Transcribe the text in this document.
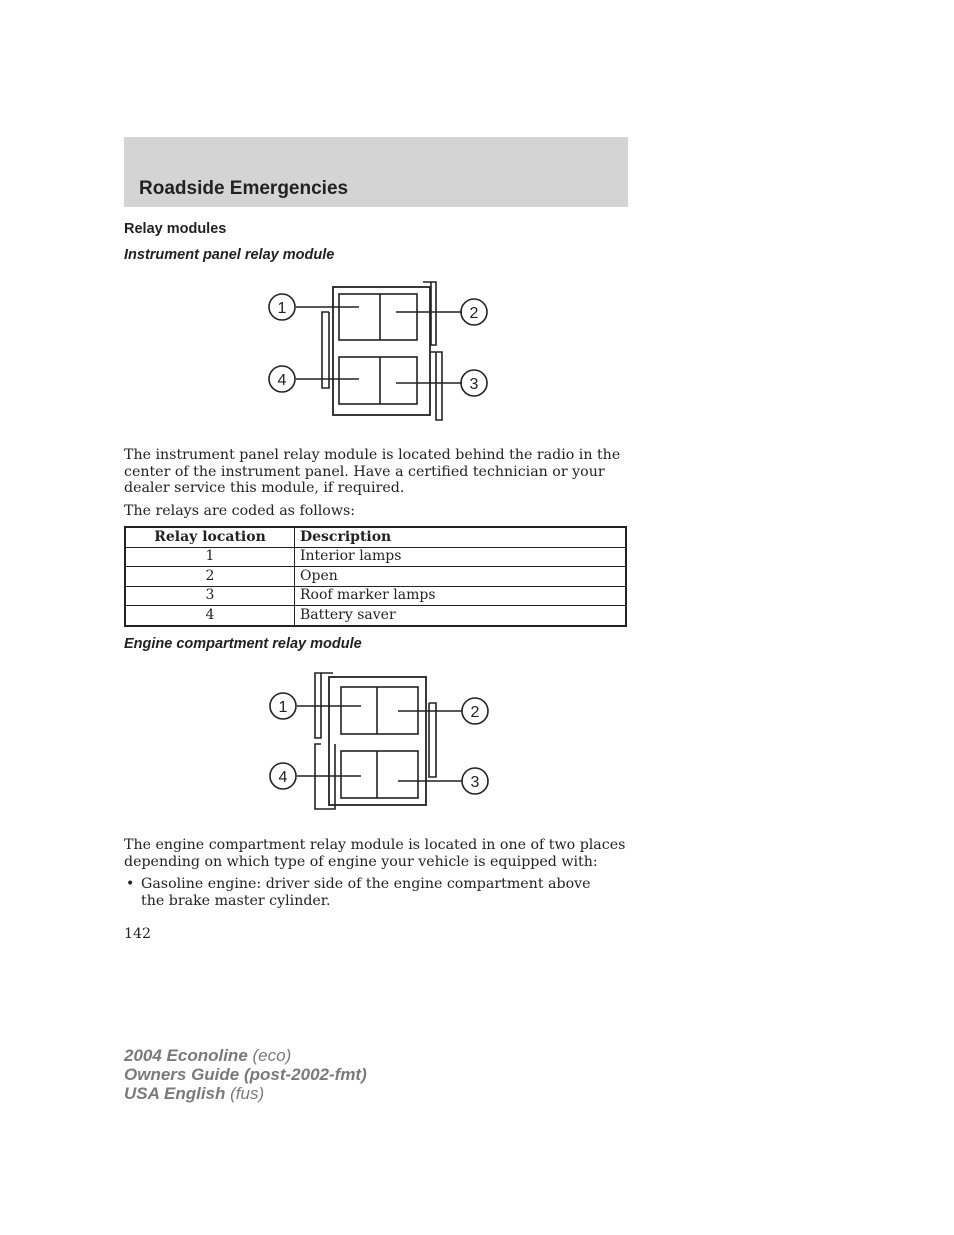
Roadside Emergencies
Relay modules
Instrument panel relay module
1	2
3
4
The instrument panel relay module is located behind the radio in the center of the instrument panel. Have a certified technician or your dealer service this module, if required.
The relays are coded as follows:
Relay location	Description
1	Interior lamps
2	Open
3	Roof marker lamps
4	Battery saver
Engine compartment relay module
1	2
3
4
The engine compartment relay module is located in one of two places depending on which type of engine your vehicle is equipped with:
• Gasoline engine: driver side of the engine compartment above the brake master cylinder.
142
2004 Econoline (eco)
Owners Guide (post-2002-fmt)
USA English (fus)
